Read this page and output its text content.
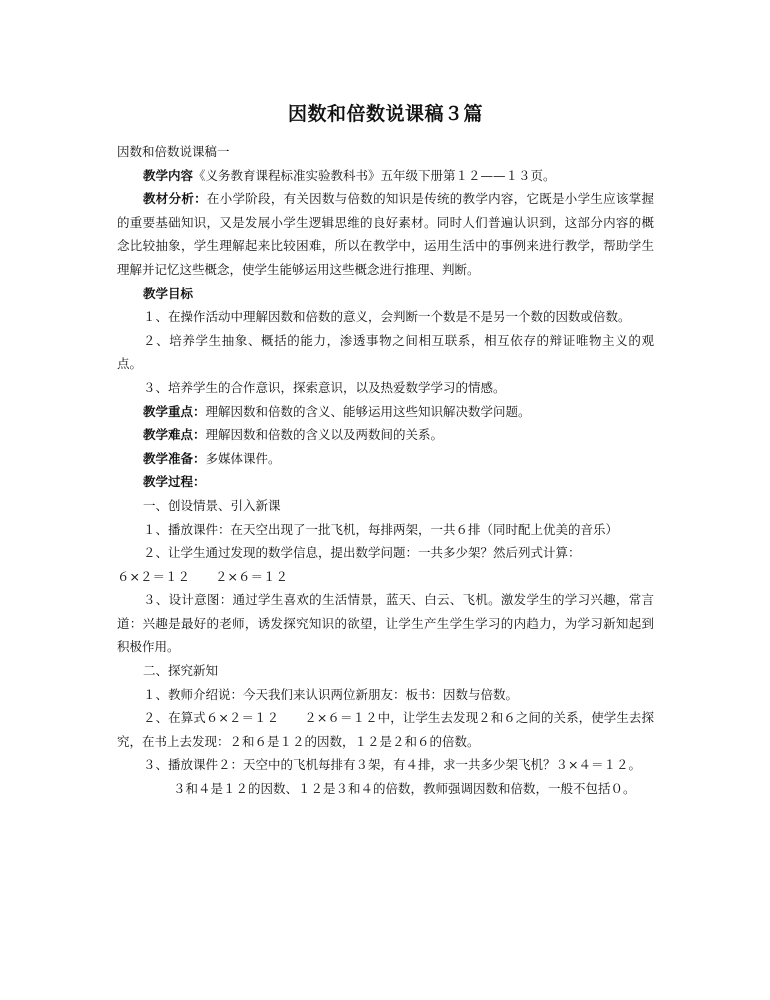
因数和倍数说课稿３篇

因数和倍数说课稿一

教学内容《义务教育课程标准实验教科书》五年级下册第１２——１３页。

教材分析：在小学阶段，有关因数与倍数的知识是传统的教学内容，它既是小学生应该掌握的重要基础知识，又是发展小学生逻辑思维的良好素材。同时人们普遍认识到，这部分内容的概念比较抽象，学生理解起来比较困难，所以在教学中，运用生活中的事例来进行教学，帮助学生理解并记忆这些概念，使学生能够运用这些概念进行推理、判断。

教学目标

１、在操作活动中理解因数和倍数的意义，会判断一个数是不是另一个数的因数或倍数。

２、培养学生抽象、概括的能力，渗透事物之间相互联系，相互依存的辩证唯物主义的观点。

３、培养学生的合作意识，探索意识，以及热爱数学学习的情感。

教学重点：理解因数和倍数的含义、能够运用这些知识解决数学问题。

教学难点：理解因数和倍数的含义以及两数间的关系。

教学准备：多媒体课件。

教学过程：

一、创设情景、引入新课

１、播放课件：在天空出现了一批飞机，每排两架，一共６排（同时配上优美的音乐）

２、让学生通过发现的数学信息，提出数学问题：一共多少架？然后列式计算：

６×２＝１２　　２×６＝１２

３、设计意图：通过学生喜欢的生活情景，蓝天、白云、飞机。激发学生的学习兴趣，常言道：兴趣是最好的老师，诱发探究知识的欲望，让学生产生学生学习的内趋力，为学习新知起到积极作用。

二、探究新知

１、教师介绍说：今天我们来认识两位新朋友：板书：因数与倍数。

２、在算式６×２＝１２　　２×６＝１２中，让学生去发现２和６之间的关系，使学生去探究，在书上去发现：２和６是１２的因数，１２是２和６的倍数。

３、播放课件２：天空中的飞机每排有３架，有４排，求一共多少架飞机？３×４＝１２。

３和４是１２的因数、１２是３和４的倍数，教师强调因数和倍数，一般不包括０。
